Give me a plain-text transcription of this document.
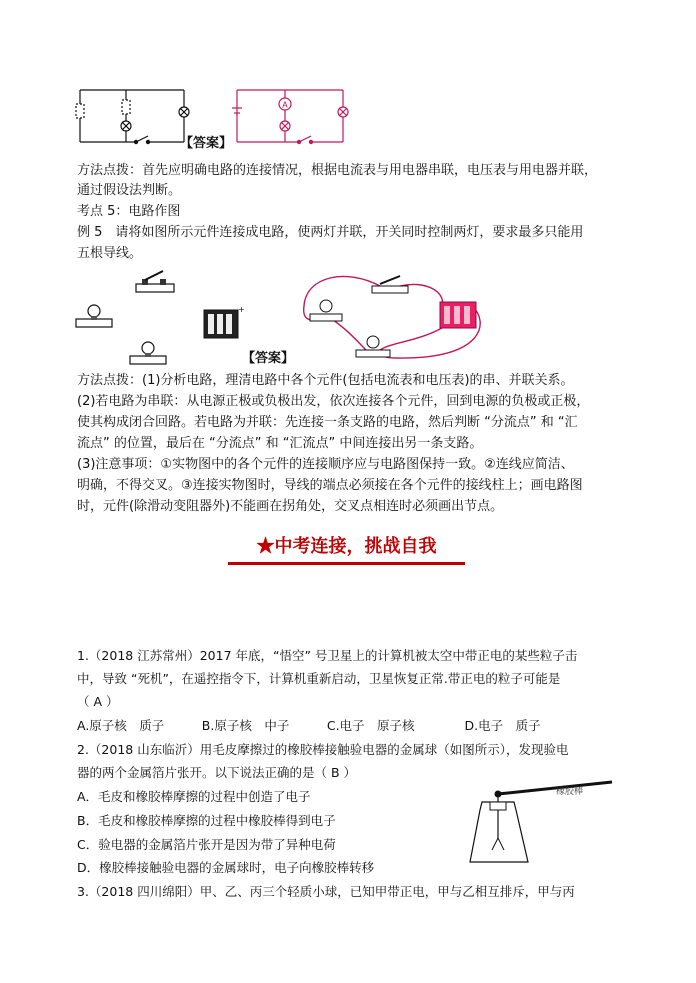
【答案】
A
方法点拨：首先应明确电路的连接情况，根据电流表与用电器串联，电压表与用电器并联，
通过假设法判断。
考点 5：电路作图
例 5　请将如图所示元件连接成电路，使两灯并联，开关同时控制两灯，要求最多只能用
五根导线。
+
【答案】
方法点拨：(1)分析电路，理清电路中各个元件(包括电流表和电压表)的串、并联关系。
(2)若电路为串联：从电源正极或负极出发，依次连接各个元件，回到电源的负极或正极，
使其构成闭合回路。若电路为并联：先连接一条支路的电路，然后判断 “分流点” 和 “汇
流点” 的位置，最后在 “分流点” 和 “汇流点” 中间连接出另一条支路。
(3)注意事项：①实物图中的各个元件的连接顺序应与电路图保持一致。②连线应简洁、
明确，不得交叉。③连接实物图时，导线的端点必须接在各个元件的接线柱上；画电路图
时，元件(除滑动变阻器外)不能画在拐角处，交叉点相连时必须画出节点。
★中考连接，挑战自我
1.（2018 江苏常州）2017 年底，“悟空” 号卫星上的计算机被太空中带正电的某些粒子击
中，导致 “死机”，在遥控指令下，计算机重新启动，卫星恢复正常.带正电的粒子可能是
（ A ）
A.原子核　质子　　　B.原子核　中子　　　C.电子　原子核　　　　D.电子　质子
2.（2018 山东临沂）用毛皮摩擦过的橡胶棒接触验电器的金属球（如图所示），发现验电
器的两个金属箔片张开。以下说法正确的是（ B ）
A．毛皮和橡胶棒摩擦的过程中创造了电子
B．毛皮和橡胶棒摩擦的过程中橡胶棒得到电子
C．验电器的金属箔片张开是因为带了异种电荷
D．橡胶棒接触验电器的金属球时，电子向橡胶棒转移
橡胶棒
3.（2018 四川绵阳）甲、乙、丙三个轻质小球，已知甲带正电，甲与乙相互排斥，甲与丙
